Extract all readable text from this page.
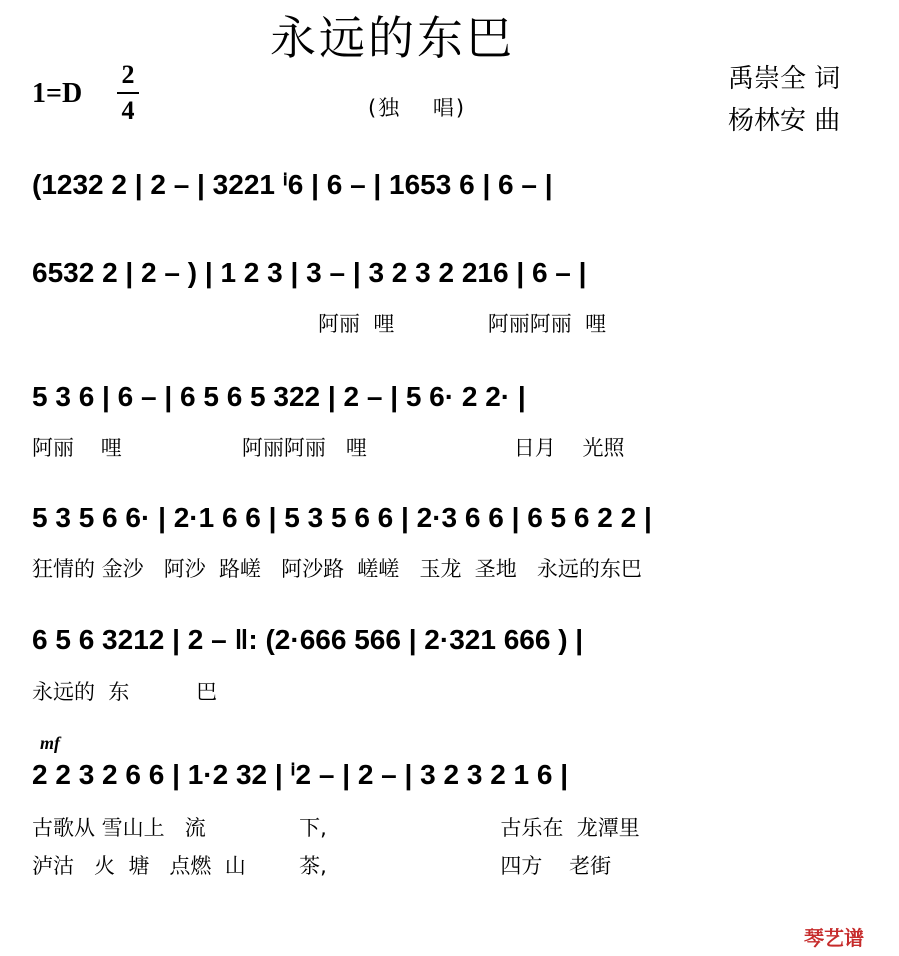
永远的东巴
1=D
2
4	(独　 唱)
禹崇全 词
杨林安 曲
(1232 2 | 2 – | 3221 ⁱ6 | 6 – | 1653 6 | 6 – |
6532 2 | 2 – ) | 1 2 3 | 3 – | 3 2 3 2 216 | 6 – |
阿丽  哩              阿丽阿丽  哩
5 3 6 | 6 – | 6 5 6 5 322 | 2 – | 5 6· 2 2· |
阿丽    哩                  阿丽阿丽   哩                      日月    光照
5 3 5 6 6· | 2·1 6 6 | 5 3 5 6 6 | 2·3 6 6 | 6 5 6 2 2 |
狂情的 金沙   阿沙  路嵯   阿沙路  嵯嵯   玉龙  圣地   永远的东巴
6 5 6 3212 | 2 – ‖: (2·666 566 | 2·321 666 ) |
永远的  东          巴
mf
2 2 3 2 6 6 | 1·2 32 | ⁱ2 – | 2 – | 3 2 3 2 1 6 |
古歌从 雪山上   流              下,                          古乐在  龙潭里
泸沽   火  塘   点燃  山        茶,                          四方    老街
琴艺谱
